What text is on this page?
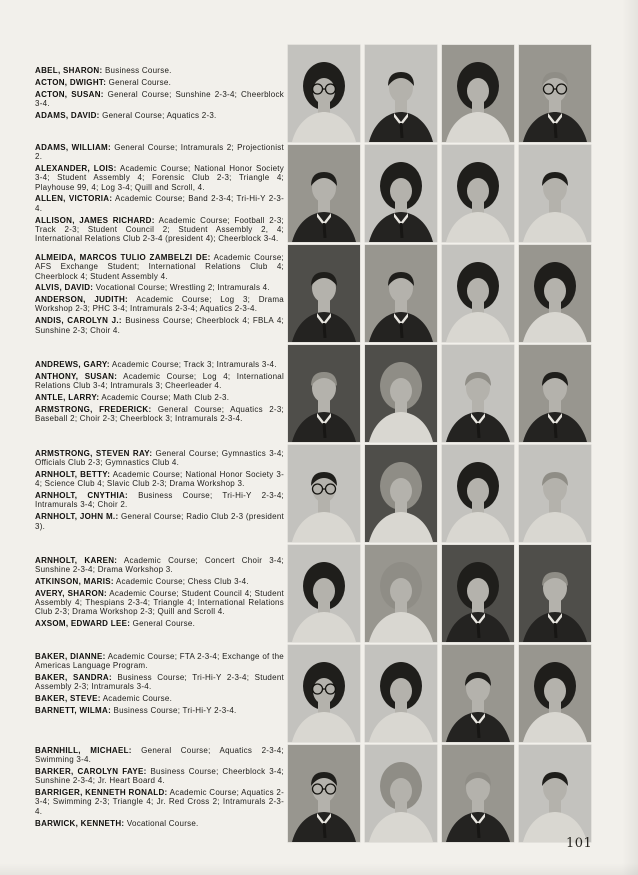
ABEL, SHARON: Business Course.

ACTON, DWIGHT: General Course.

ACTON, SUSAN: General Course; Sunshine 2-3-4; Cheerblock 3-4.

ADAMS, DAVID: General Course; Aquatics 2-3.

ADAMS, WILLIAM: General Course; Intramurals 2; Projectionist 2.

ALEXANDER, LOIS: Academic Course; National Honor Society 3-4; Student Assembly 4; Forensic Club 2-3; Triangle 4; Playhouse 99, 4; Log 3-4; Quill and Scroll, 4.

ALLEN, VICTORIA: Academic Course; Band 2-3-4; Tri-Hi-Y 2-3-4.

ALLISON, JAMES RICHARD: Academic Course; Football 2-3; Track 2-3; Student Council 2; Student Assembly 2, 4; International Relations Club 2-3-4 (president 4); Cheerblock 3-4.

ALMEIDA, MARCOS TULIO ZAMBELZI DE: Academic Course; AFS Exchange Student; International Relations Club 4; Cheerblock 4; Student Assembly 4.

ALVIS, DAVID: Vocational Course; Wrestling 2; Intramurals 4.

ANDERSON, JUDITH: Academic Course; Log 3; Drama Workshop 2-3; PHC 3-4; Intramurals 2-3-4; Aquatics 2-3-4.

ANDIS, CAROLYN J.: Business Course; Cheerblock 4; FBLA 4; Sunshine 2-3; Choir 4.

ANDREWS, GARY: Academic Course; Track 3; Intramurals 3-4.

ANTHONY, SUSAN: Academic Course; Log 4; International Relations Club 3-4; Intramurals 3; Cheerleader 4.

ANTLE, LARRY: Academic Course; Math Club 2-3.

ARMSTRONG, FREDERICK: General Course; Aquatics 2-3; Baseball 2; Choir 2-3; Cheerblock 3; Intramurals 2-3-4.

ARMSTRONG, STEVEN RAY: General Course; Gymnastics 3-4; Officials Club 2-3; Gymnastics Club 4.

ARNHOLT, BETTY: Academic Course; National Honor Society 3-4; Science Club 4; Slavic Club 2-3; Drama Workshop 3.

ARNHOLT, CNYTHIA: Business Course; Tri-Hi-Y 2-3-4; Intramurals 3-4; Choir 2.

ARNHOLT, JOHN M.: General Course; Radio Club 2-3 (president 3).

ARNHOLT, KAREN: Academic Course; Concert Choir 3-4; Sunshine 2-3-4; Drama Workshop 3.

ATKINSON, MARIS: Academic Course; Chess Club 3-4.

AVERY, SHARON: Academic Course; Student Council 4; Student Assembly 4; Thespians 2-3-4; Triangle 4; International Relations Club 2-3; Drama Workshop 2-3; Quill and Scroll 4.

AXSOM, EDWARD LEE: General Course.

BAKER, DIANNE: Academic Course; FTA 2-3-4; Exchange of the Americas Language Program.

BAKER, SANDRA: Business Course; Tri-Hi-Y 2-3-4; Student Assembly 2-3; Intramurals 3-4.

BAKER, STEVE: Academic Course.

BARNETT, WILMA: Business Course; Tri-Hi-Y 2-3-4.

BARNHILL, MICHAEL: General Course; Aquatics 2-3-4; Swimming 3-4.

BARKER, CAROLYN FAYE: Business Course; Cheerblock 3-4; Sunshine 2-3-4; Jr. Heart Board 4.

BARRIGER, KENNETH RONALD: Academic Course; Aquatics 2-3-4; Swimming 2-3; Triangle 4; Jr. Red Cross 2; Intramurals 2-3-4.

BARWICK, KENNETH: Vocational Course.

101
